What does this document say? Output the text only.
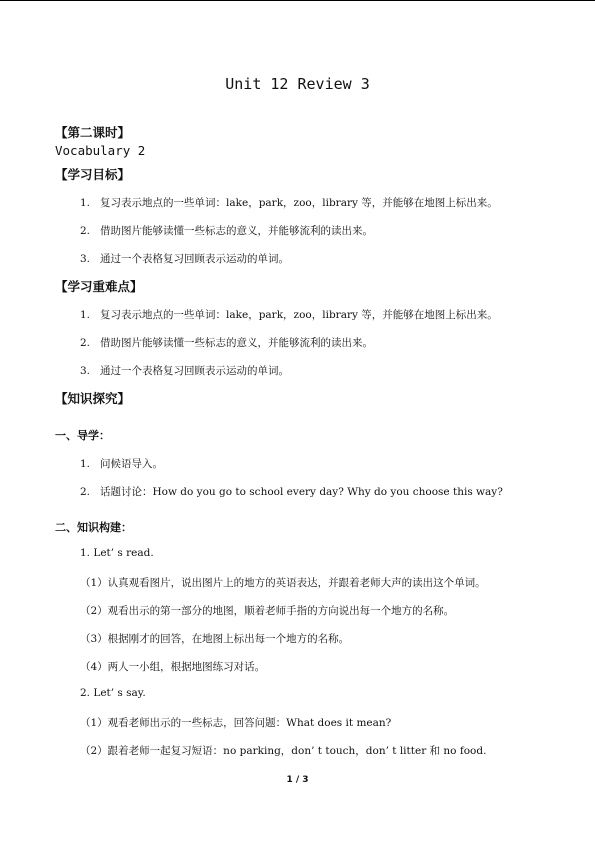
Unit 12 Review 3
【第二课时】
Vocabulary 2
【学习目标】
1. 复习表示地点的一些单词：lake，park，zoo，library 等，并能够在地图上标出来。
2. 借助图片能够读懂一些标志的意义，并能够流利的读出来。
3. 通过一个表格复习回顾表示运动的单词。
【学习重难点】
1. 复习表示地点的一些单词：lake，park，zoo，library 等，并能够在地图上标出来。
2. 借助图片能够读懂一些标志的意义，并能够流利的读出来。
3. 通过一个表格复习回顾表示运动的单词。
【知识探究】
一、导学：
1. 问候语导入。
2. 话题讨论：How do you go to school every day? Why do you choose this way?
二、知识构建：
1. Let’ s read.
（1）认真观看图片，说出图片上的地方的英语表达，并跟着老师大声的读出这个单词。
（2）观看出示的第一部分的地图，顺着老师手指的方向说出每一个地方的名称。
（3）根据刚才的回答，在地图上标出每一个地方的名称。
（4）两人一小组，根据地图练习对话。
2. Let’ s say.
（1）观看老师出示的一些标志，回答问题：What does it mean?
（2）跟着老师一起复习短语：no parking，don’ t touch，don’ t litter 和 no food.
1 / 3
